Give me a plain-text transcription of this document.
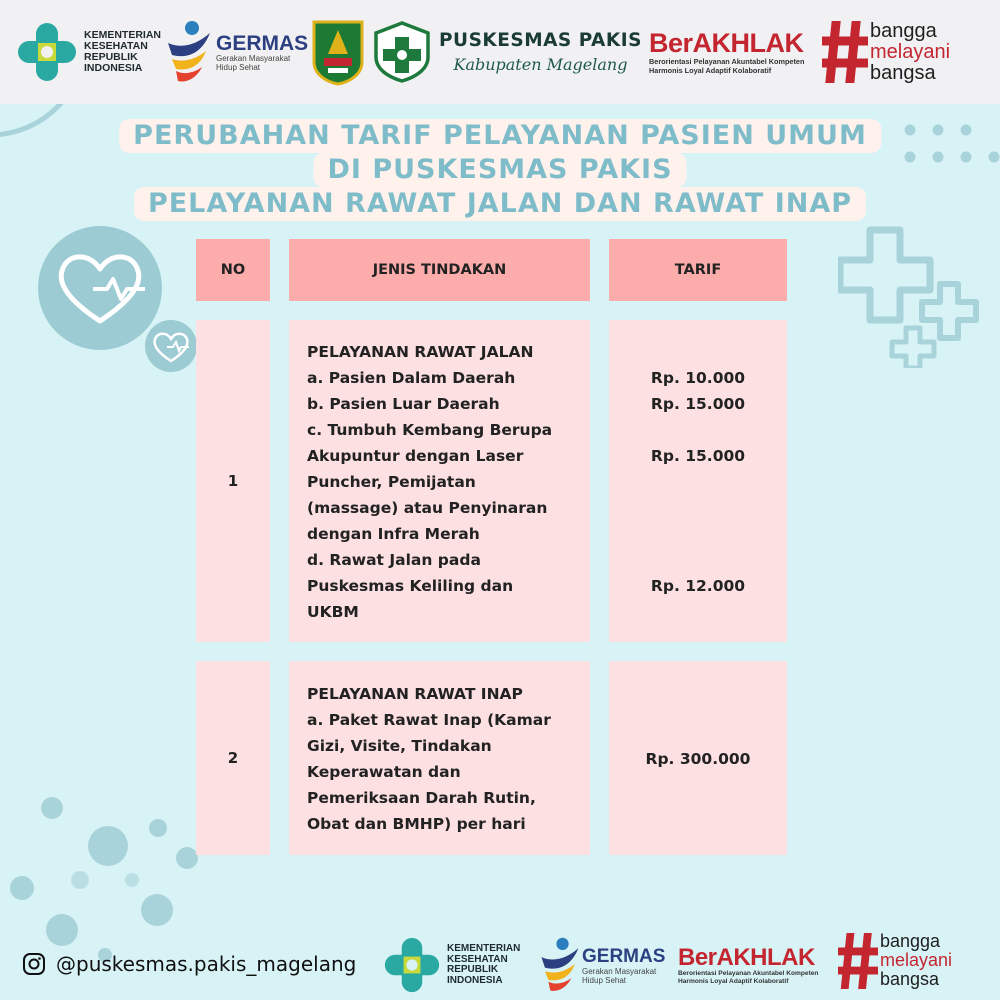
KEMENTERIAN
KESEHATAN
REPUBLIK
INDONESIA
GERMAS
Gerakan Masyarakat
Hidup Sehat
PUSKESMAS PAKIS
Kabupaten Magelang
BerAKHLAK
Berorientasi Pelayanan Akuntabel Kompeten
Harmonis Loyal Adaptif Kolaboratif
bangga
melayani
bangsa
PERUBAHAN TARIF PELAYANAN PASIEN UMUM
DI PUSKESMAS PAKIS
PELAYANAN RAWAT JALAN DAN RAWAT INAP
NO	JENIS TINDAKAN	TARIF
1
PELAYANAN RAWAT JALAN
a. Pasien Dalam Daerah
b. Pasien Luar Daerah
c. Tumbuh Kembang Berupa
Akupuntur dengan Laser
Puncher, Pemijatan
(massage) atau Penyinaran
dengan Infra Merah
d. Rawat Jalan pada
Puskesmas Keliling dan
UKBM
Rp. 10.000
Rp. 15.000
Rp. 15.000
Rp. 12.000
2
PELAYANAN RAWAT INAP
a. Paket Rawat Inap (Kamar
Gizi, Visite, Tindakan
Keperawatan dan
Pemeriksaan Darah Rutin,
Obat dan BMHP) per hari
Rp. 300.000
@puskesmas.pakis_magelang
KEMENTERIAN
KESEHATAN
REPUBLIK
INDONESIA
GERMAS
Gerakan Masyarakat
Hidup Sehat
BerAKHLAK
Berorientasi Pelayanan Akuntabel Kompeten
Harmonis Loyal Adaptif Kolaboratif
bangga
melayani
bangsa
